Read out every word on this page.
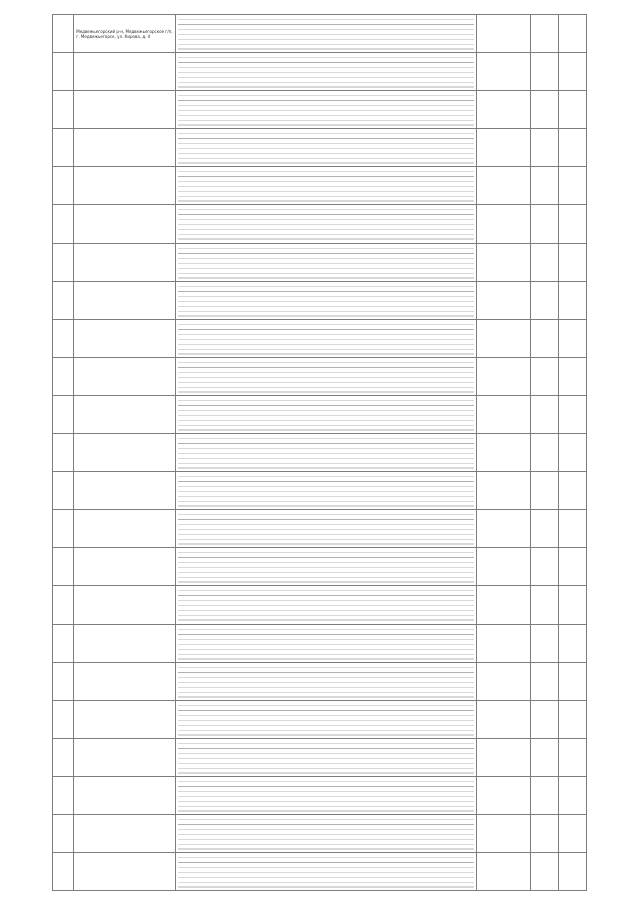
	Медвежьегорский р-н, Медвежьегорское г/п, г. Медвежьегорск, ул. Кирова, д. 4				
